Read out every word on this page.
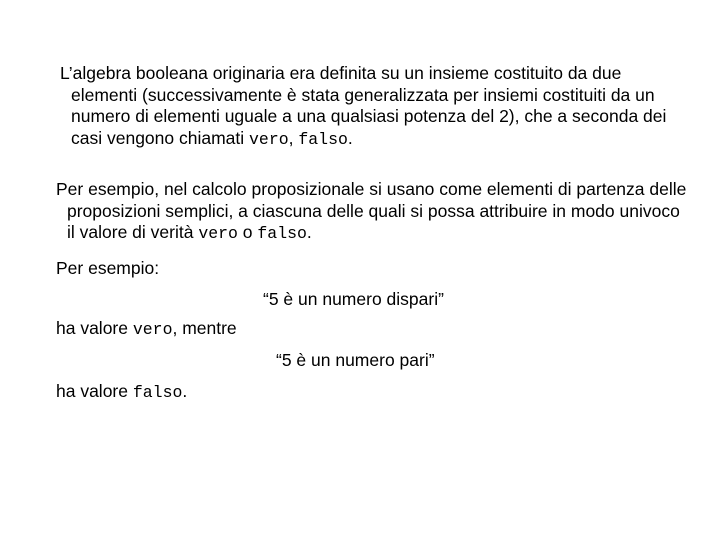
L’algebra booleana originaria era definita su un insieme costituito da due elementi (successivamente è stata generalizzata per insiemi costituiti da un numero di elementi uguale a una qualsiasi potenza del 2), che a seconda dei casi vengono chiamati vero, falso.

Per esempio, nel calcolo proposizionale si usano come elementi di partenza delle proposizioni semplici, a ciascuna delle quali si possa attribuire in modo univoco il valore di verità vero o falso.

Per esempio:
“5 è un numero dispari”
ha valore vero, mentre
“5 è un numero pari”
ha valore falso.
